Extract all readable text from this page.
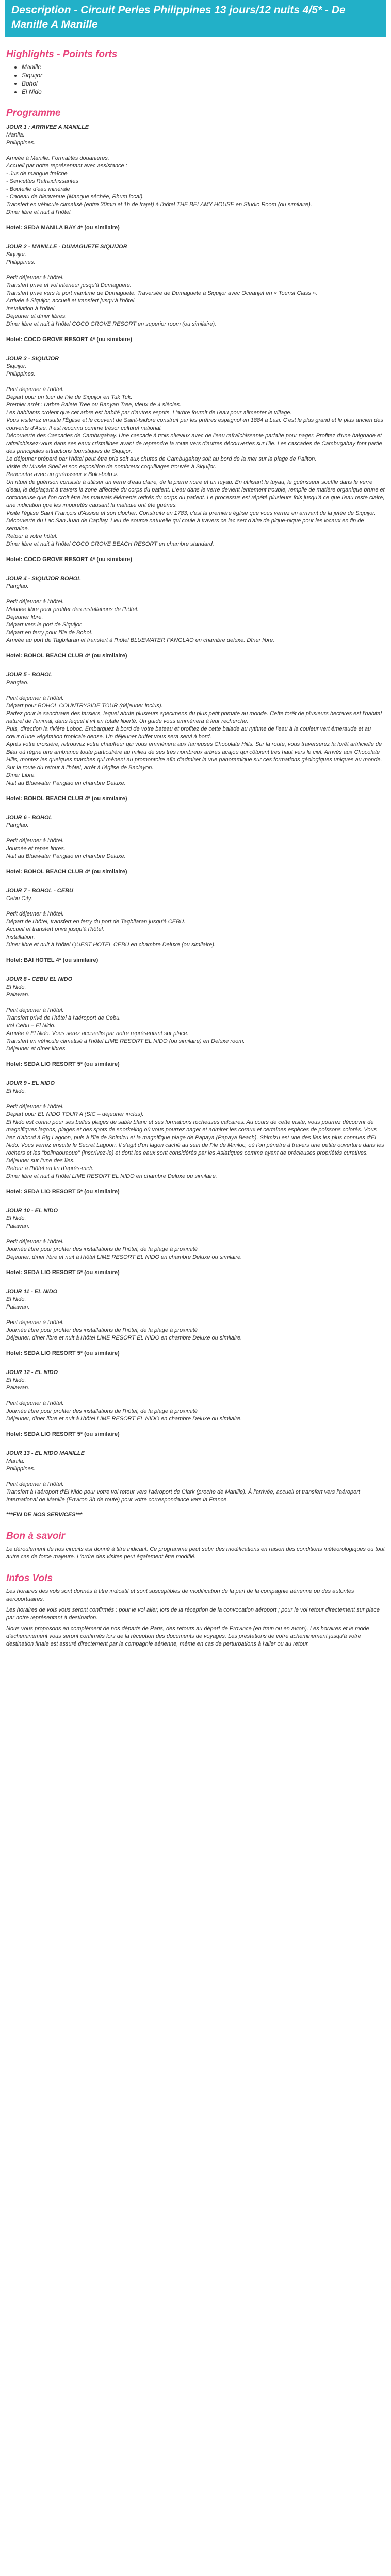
Description - Circuit Perles Philippines 13 jours/12 nuits 4/5* - De Manille A Manille
Highlights - Points forts
• Manille
• Siquijor
• Bohol
• El Nido
Programme
JOUR 1 : ARRIVEE A MANILLE
Manila.
Philippines.
Arrivée à Manille. Formalités douanières.
Accueil par notre représentant avec assistance :
- Jus de mangue fraîche
- Serviettes Rafraichissantes
- Bouteille d'eau minérale
- Cadeau de bienvenue (Mangue séchée, Rhum local).
Transfert en véhicule climatisé (entre 30min et 1h de trajet) à l'hôtel THE BELAMY HOUSE en Studio Room (ou similaire).
Dîner libre et nuit à l'hôtel.
Hotel: SEDA MANILA BAY 4* (ou similaire)
JOUR 2 - MANILLE - DUMAGUETE SIQUIJOR
Siquijor.
Philippines.
Petit déjeuner à l'hôtel.
Transfert privé et vol intérieur jusqu'à Dumaguete.
Transfert privé vers le port maritime de Dumaguete. Traversée de Dumaguete à Siquijor avec Oceanjet en « Tourist Class ».
Arrivée à Siquijor, accueil et transfert jusqu'à l'hôtel.
Installation à l'hôtel.
Déjeuner et dîner libres.
Dîner libre et nuit à l'hôtel COCO GROVE RESORT en superior room (ou similaire).
Hotel: COCO GROVE RESORT 4* (ou similaire)
JOUR 3 - SIQUIJOR
Siquijor.
Philippines.
Petit déjeuner à l'hôtel.
Départ pour un tour de l'île de Siquijor en Tuk Tuk.
Premier arrêt : l'arbre Balete Tree ou Banyan Tree, vieux de 4 siècles.
Les habitants croient que cet arbre est habité par d'autres esprits. L'arbre fournit de l'eau pour alimenter le village.
Vous visiterez ensuite l'Église et le couvent de Saint-Isidore construit par les prêtres espagnol en 1884 à Lazi. C'est le plus grand et le plus ancien des couvents d'Asie. Il est reconnu comme trésor culturel national.
Découverte des Cascades de Cambugahay. Une cascade à trois niveaux avec de l'eau rafraîchissante parfaite pour nager. Profitez d'une baignade et rafraîchissez-vous dans ses eaux cristallines avant de reprendre la route vers d'autres découvertes sur l'île. Les cascades de Cambugahay font partie des principales attractions touristiques de Siquijor.
Le déjeuner préparé par l'hôtel peut être pris soit aux chutes de Cambugahay soit au bord de la mer sur la plage de Paliton.
Visite du Musée Shell et son exposition de nombreux coquillages trouvés à Siquijor.
Rencontre avec un guérisseur « Bolo-bolo ».
Un rituel de guérison consiste à utiliser un verre d'eau claire, de la pierre noire et un tuyau. En utilisant le tuyau, le guérisseur souffle dans le verre d'eau, le déplaçant à travers la zone affectée du corps du patient. L'eau dans le verre devient lentement trouble, remplie de matière organique brune et cotonneuse que l'on croit être les mauvais éléments retirés du corps du patient. Le processus est répété plusieurs fois jusqu'à ce que l'eau reste claire, une indication que les impuretés causant la maladie ont été guéries.
Visite l'église Saint François d'Assise et son clocher. Construite en 1783, c'est la première église que vous verrez en arrivant de la jetée de Siquijor.
Découverte du Lac San Juan de Capilay. Lieu de source naturelle qui coule à travers ce lac sert d'aire de pique-nique pour les locaux en fin de semaine.
Retour à votre hôtel.
Dîner libre et nuit à l'hôtel COCO GROVE BEACH RESORT en chambre standard.
Hotel: COCO GROVE RESORT 4* (ou similaire)
JOUR 4 - SIQUIJOR BOHOL
Panglao.
Petit déjeuner à l'hôtel.
Matinée libre pour profiter des installations de l'hôtel.
Déjeuner libre.
Départ vers le port de Siquijor.
Départ en ferry pour l'île de Bohol.
Arrivée au port de Tagbilaran et transfert à l'hôtel BLUEWATER PANGLAO en chambre deluxe. Dîner libre.
Hotel: BOHOL BEACH CLUB 4* (ou similaire)
JOUR 5 - BOHOL
Panglao.
Petit déjeuner à l'hôtel.
Départ pour BOHOL COUNTRYSIDE TOUR (déjeuner inclus).
Partez pour le sanctuaire des tarsiers, lequel abrite plusieurs spécimens du plus petit primate au monde. Cette forêt de plusieurs hectares est l'habitat naturel de l'animal, dans lequel il vit en totale liberté. Un guide vous emmènera à leur recherche.
Puis, direction la rivière Loboc. Embarquez à bord de votre bateau et profitez de cette balade au rythme de l'eau à la couleur vert émeraude et au cœur d'une végétation tropicale dense. Un déjeuner buffet vous sera servi à bord.
Après votre croisière, retrouvez votre chauffeur qui vous emmènera aux fameuses Chocolate Hills. Sur la route, vous traverserez la forêt artificielle de Bilar où règne une ambiance toute particulière au milieu de ses très nombreux arbres acajou qui côtoient très haut vers le ciel. Arrivés aux Chocolate Hills, montez les quelques marches qui mènent au promontoire afin d'admirer la vue panoramique sur ces formations géologiques uniques au monde.
Sur la route du retour à l'hôtel, arrêt à l'église de Baclayon.
Dîner Libre.
Nuit au Bluewater Panglao en chambre Deluxe.
Hotel: BOHOL BEACH CLUB 4* (ou similaire)
JOUR 6 - BOHOL
Panglao.
Petit déjeuner à l'hôtel.
Journée et repas libres.
Nuit au Bluewater Panglao en chambre Deluxe.
Hotel: BOHOL BEACH CLUB 4* (ou similaire)
JOUR 7 - BOHOL - CEBU
Cebu City.
Petit déjeuner à l'hôtel.
Départ de l'hôtel, transfert en ferry du port de Tagbilaran jusqu'à CEBU.
Accueil et transfert privé jusqu'à l'hôtel.
Installation.
Dîner libre et nuit à l'hôtel QUEST HOTEL CEBU en chambre Deluxe (ou similaire).
Hotel: BAI HOTEL 4* (ou similaire)
JOUR 8 - CEBU EL NIDO
El Nido.
Palawan.
Petit déjeuner à l'hôtel.
Transfert privé de l'hôtel à l'aéroport de Cebu.
Vol Cebu – El Nido.
Arrivée à El Nido. Vous serez accueillis par notre représentant sur place.
Transfert en véhicule climatisé à l'hôtel LIME RESORT EL NIDO (ou similaire) en Deluxe room.
Déjeuner et dîner libres.
Hotel: SEDA LIO RESORT 5* (ou similaire)
JOUR 9 - EL NIDO
El Nido.
Petit déjeuner à l'hôtel.
Départ pour EL NIDO TOUR A (SIC – déjeuner inclus).
El Nido est connu pour ses belles plages de sable blanc et ses formations rocheuses calcaires. Au cours de cette visite, vous pourrez découvrir de magnifiques lagons, plages et des spots de snorkeling où vous pourrez nager et admirer les coraux et certaines espèces de poissons colorés. Vous irez d'abord à Big Lagoon, puis à l'île de Shimizu et la magnifique plage de Papaya (Papaya Beach). Shimizu est une des îles les plus connues d'El Nido. Vous verrez ensuite le Secret Lagoon. Il s'agit d'un lagon caché au sein de l'île de Miniloc, où l'on pénètre à travers une petite ouverture dans les rochers et les "bolinaouaoue" (inscrivez-le) et dont les eaux sont considérés par les Asiatiques comme ayant de précieuses propriétés curatives.
Déjeuner sur l'une des îles.
Retour à l'hôtel en fin d'après-midi.
Dîner libre et nuit à l'hôtel LIME RESORT EL NIDO en chambre Deluxe ou similaire.
Hotel: SEDA LIO RESORT 5* (ou similaire)
JOUR 10 - EL NIDO
El Nido.
Palawan.
Petit déjeuner à l'hôtel.
Journée libre pour profiter des installations de l'hôtel, de la plage à proximité
Déjeuner, dîner libre et nuit à l'hôtel LIME RESORT EL NIDO en chambre Deluxe ou similaire.
Hotel: SEDA LIO RESORT 5* (ou similaire)
JOUR 11 - EL NIDO
El Nido.
Palawan.
Petit déjeuner à l'hôtel.
Journée libre pour profiter des installations de l'hôtel, de la plage à proximité
Déjeuner, dîner libre et nuit à l'hôtel LIME RESORT EL NIDO en chambre Deluxe ou similaire.
Hotel: SEDA LIO RESORT 5* (ou similaire)
JOUR 12 - EL NIDO
El Nido.
Palawan.
Petit déjeuner à l'hôtel.
Journée libre pour profiter des installations de l'hôtel, de la plage à proximité
Déjeuner, dîner libre et nuit à l'hôtel LIME RESORT EL NIDO en chambre Deluxe ou similaire.
Hotel: SEDA LIO RESORT 5* (ou similaire)
JOUR 13 - EL NIDO MANILLE
Manila.
Philippines.
Petit déjeuner à l'hôtel.
Transfert à l'aéroport d'El Nido pour votre vol retour vers l'aéroport de Clark (proche de Manille). À l'arrivée, accueil et transfert vers l'aéroport International de Manille (Environ 3h de route) pour votre correspondance vers la France.
***FIN DE NOS SERVICES***
Bon à savoir
Le déroulement de nos circuits est donné à titre indicatif. Ce programme peut subir des modifications en raison des conditions météorologiques ou tout autre cas de force majeure. L'ordre des visites peut également être modifié.
Infos Vols
Les horaires des vols sont donnés à titre indicatif et sont susceptibles de modification de la part de la compagnie aérienne ou des autorités aéroportuaires.
Les horaires de vols vous seront confirmés : pour le vol aller, lors de la réception de la convocation aéroport ; pour le vol retour directement sur place par notre représentant à destination.
Nous vous proposons en complément de nos départs de Paris, des retours au départ de Province (en train ou en avion). Les horaires et le mode d'acheminement vous seront confirmés lors de la réception des documents de voyages. Les prestations de votre acheminement jusqu'à votre destination finale est assuré directement par la compagnie aérienne, même en cas de perturbations à l'aller ou au retour.
